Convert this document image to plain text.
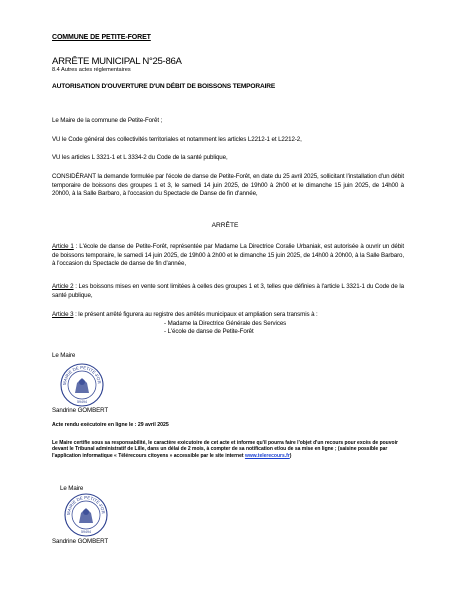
COMMUNE DE PETITE-FORET
ARRÊTE MUNICIPAL N°25-86A
8.4 Autres actes réglementaires
AUTORISATION D'OUVERTURE D'UN DÉBIT DE BOISSONS TEMPORAIRE
Le Maire de la commune de Petite-Forêt ;
VU le Code général des collectivités territoriales et notamment les articles L2212-1 et L2212-2,
VU les articles L 3321-1 et L 3334-2 du Code de la santé publique,
CONSIDÉRANT la demande formulée par l'école de danse de Petite-Forêt, en date du 25 avril 2025, sollicitant l'installation d'un débit temporaire de boissons des groupes 1 et 3, le samedi 14 juin 2025, de 19h00 à 2h00 et le dimanche 15 juin 2025, de 14h00 à 20h00, à la Salle Barbaro, à l'occasion du Spectacle de Danse de fin d'année,
ARRÊTE
Article 1 : L'école de danse de Petite-Forêt, représentée par Madame La Directrice Coralie Urbaniak, est autorisée à ouvrir un débit de boissons temporaire, le samedi 14 juin 2025, de 19h00 à 2h00 et le dimanche 15 juin 2025, de 14h00 à 20h00, à la Salle Barbaro, à l'occasion du Spectacle de danse de fin d'année,
Article 2 : Les boissons mises en vente sont limitées à celles des groupes 1 et 3, telles que définies à l'article L 3321-1 du Code de la santé publique,
Article 3 : le présent arrêté figurera au registre des arrêtés municipaux et ampliation sera transmis à :
- Madame la Directrice Générale des Services
- L'école de danse de Petite-Forêt
Le Maire
MAIRIE DE PETITE-FOR
59494
Sandrine GOMBERT
Acte rendu exécutoire en ligne le : 29 avril 2025
Le Maire certifie sous sa responsabilité, le caractère exécutoire de cet acte et informe qu'il pourra faire l'objet d'un recours pour excès de pouvoir devant le Tribunal administratif de Lille, dans un délai de 2 mois, à compter de sa notification et/ou de sa mise en ligne ; (saisine possible par l'application informatique « Télérecours citoyens » accessible par le site internet www.telerecours.fr)
Le Maire
MAIRIE DE PETITE-FOR
59494
Sandrine GOMBERT
